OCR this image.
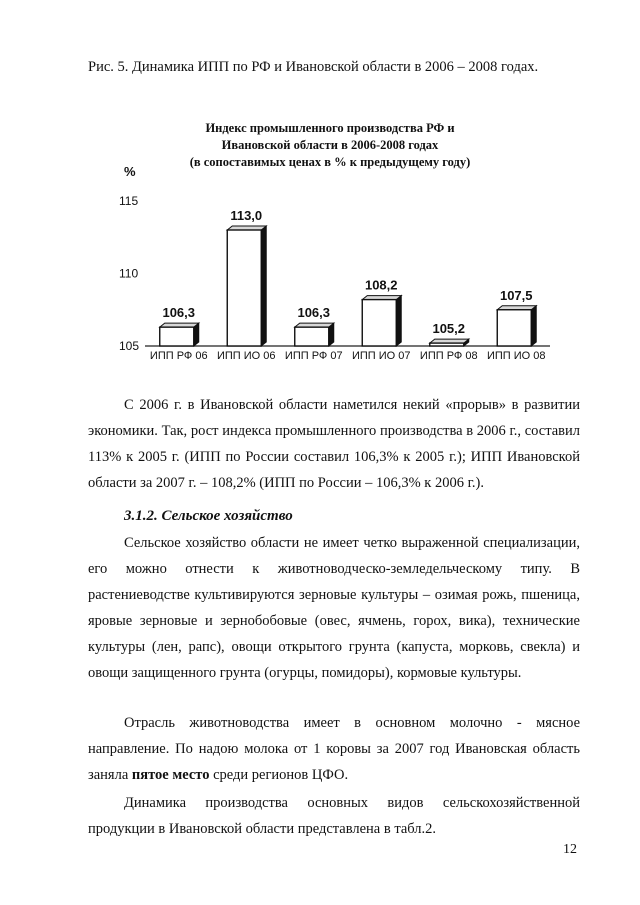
Рис. 5. Динамика ИПП по РФ и Ивановской области в 2006 – 2008 годах.
Индекс промышленного производства РФ и
Ивановской области в 2006-2008 годах
(в сопоставимых ценах в % к предыдущему году)
%
105
110
115
106,3
ИПП РФ 06
113,0
ИПП ИО 06
106,3
ИПП РФ 07
108,2
ИПП ИО 07
105,2
ИПП РФ 08
107,5
ИПП ИО 08

С 2006 г. в Ивановской области наметился некий «прорыв» в развитии экономики. Так, рост индекса промышленного производства в 2006 г., составил 113% к 2005 г. (ИПП по России составил 106,3% к 2005 г.); ИПП Ивановской области за 2007 г. – 108,2% (ИПП по России – 106,3% к 2006 г.).

3.1.2. Сельское хозяйство

Сельское хозяйство области не имеет четко выраженной специализации, его можно отнести к животноводческо-земледельческому типу. В растениеводстве культивируются зерновые культуры – озимая рожь, пшеница, яровые зерновые и зернобобовые (овес, ячмень, горох, вика), технические культуры (лен, рапс), овощи открытого грунта (капуста, морковь, свекла) и овощи защищенного грунта (огурцы, помидоры), кормовые культуры.

Отрасль животноводства имеет в основном молочно - мясное направление. По надою молока от 1 коровы за 2007 год Ивановская область заняла пятое место среди регионов ЦФО.

Динамика производства основных видов сельскохозяйственной продукции в Ивановской области представлена в табл.2.

12
